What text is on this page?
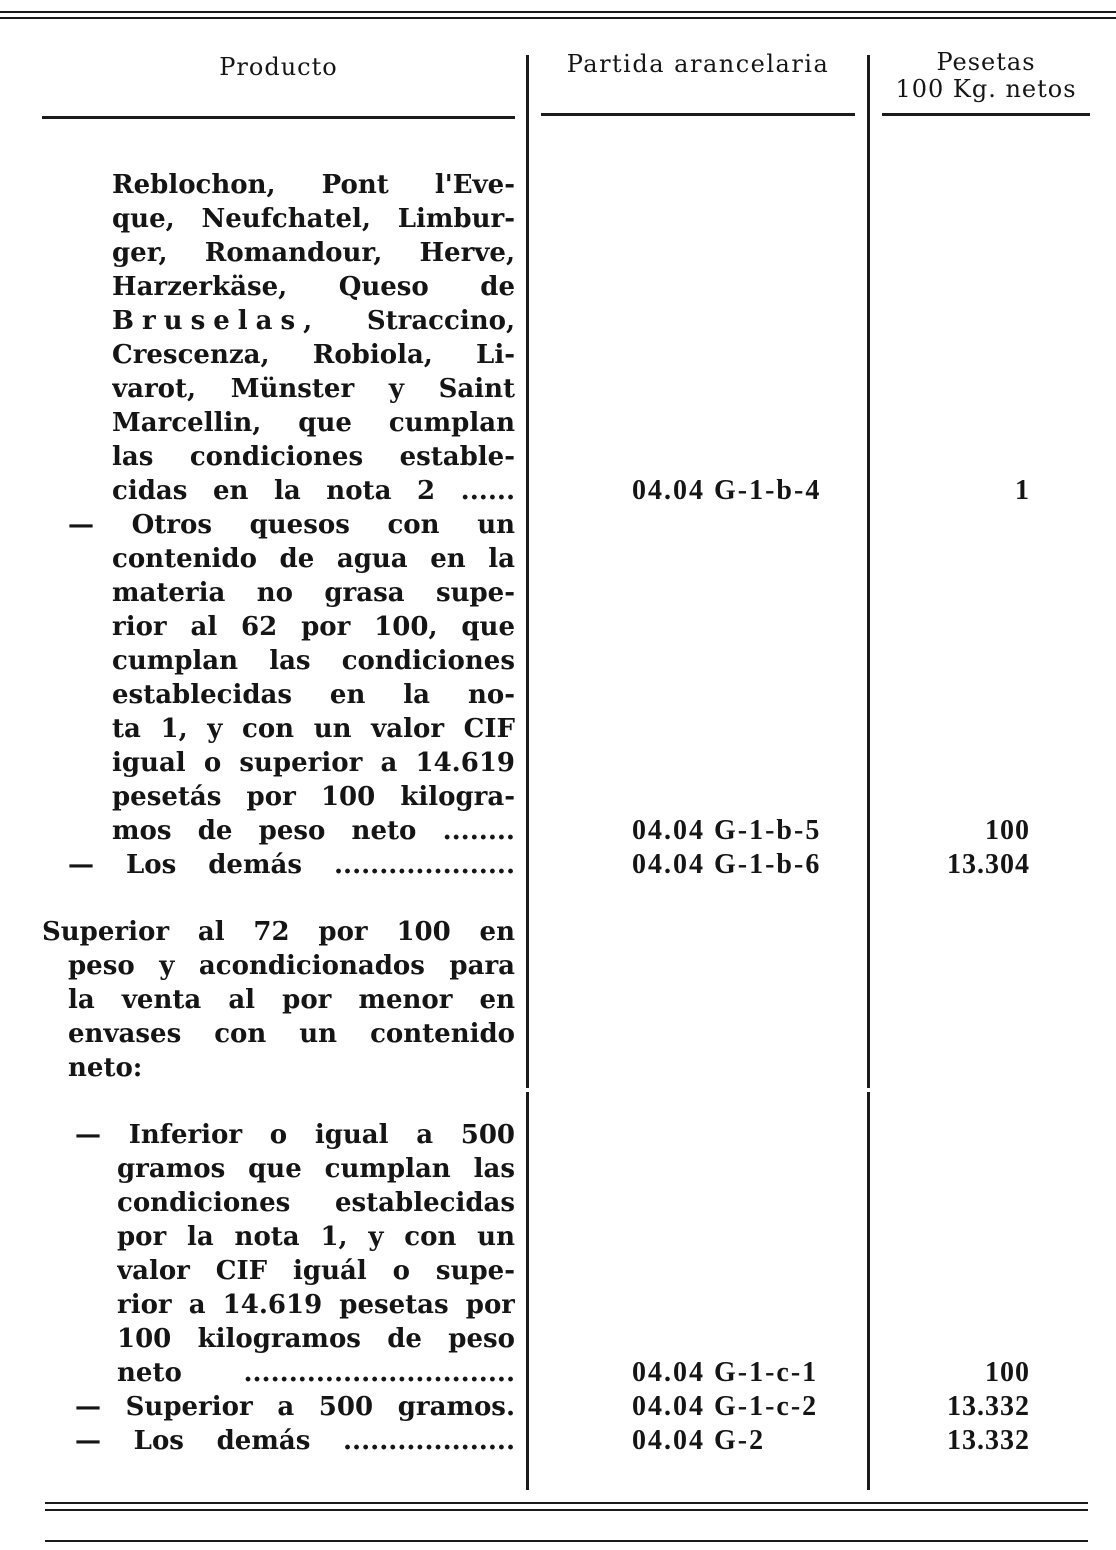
Producto	Partida arancelaria	Pesetas
100 Kg. netos
Reblochon, Pont l'Eve-
que, Neufchatel, Limbur-
ger, Romandour, Herve,
Harzerkäse, Queso de
Bruselas, Straccino,
Crescenza, Robiola, Li-
varot, Münster y Saint
Marcellin, que cumplan
las condiciones estable-
cidas en la nota 2 ......	04.04 G-1-b-4	1
— Otros quesos con un
contenido de agua en la
materia no grasa supe-
rior al 62 por 100, que
cumplan las condiciones
establecidas en la no-
ta 1, y con un valor CIF
igual o superior a 14.619
pesetás por 100 kilogra-
mos de peso neto ........	04.04 G-1-b-5	100
— Los demás ....................	04.04 G-1-b-6	13.304
Superior al 72 por 100 en
peso y acondicionados para
la venta al por menor en
envases con un contenido
neto:
— Inferior o igual a 500
gramos que cumplan las
condiciones establecidas
por la nota 1, y con un
valor CIF iguál o supe-
rior a 14.619 pesetas por
100 kilogramos de peso
neto ..............................	04.04 G-1-c-1	100
— Superior a 500 gramos.	04.04 G-1-c-2	13.332
— Los demás ...................	04.04 G-2	13.332
